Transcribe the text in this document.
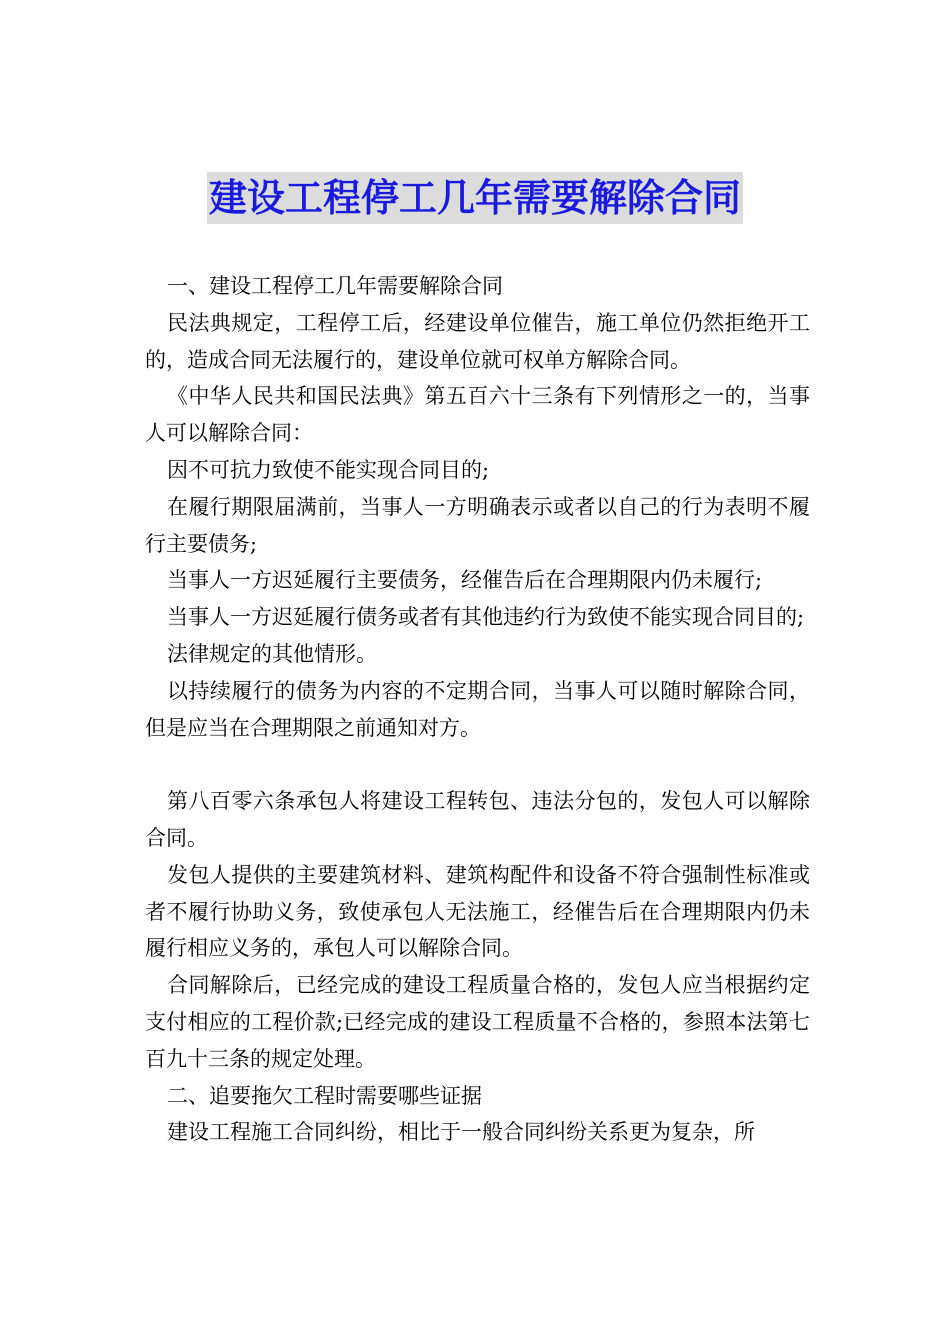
建设工程停工几年需要解除合同

一、建设工程停工几年需要解除合同

民法典规定，工程停工后，经建设单位催告，施工单位仍然拒绝开工的，造成合同无法履行的，建设单位就可权单方解除合同。

《中华人民共和国民法典》第五百六十三条有下列情形之一的，当事人可以解除合同：

因不可抗力致使不能实现合同目的;

在履行期限届满前，当事人一方明确表示或者以自己的行为表明不履行主要债务;

当事人一方迟延履行主要债务，经催告后在合理期限内仍未履行;

当事人一方迟延履行债务或者有其他违约行为致使不能实现合同目的;

法律规定的其他情形。

以持续履行的债务为内容的不定期合同，当事人可以随时解除合同，但是应当在合理期限之前通知对方。

第八百零六条承包人将建设工程转包、违法分包的，发包人可以解除合同。

发包人提供的主要建筑材料、建筑构配件和设备不符合强制性标准或者不履行协助义务，致使承包人无法施工，经催告后在合理期限内仍未履行相应义务的，承包人可以解除合同。

合同解除后，已经完成的建设工程质量合格的，发包人应当根据约定支付相应的工程价款;已经完成的建设工程质量不合格的，参照本法第七百九十三条的规定处理。

二、追要拖欠工程时需要哪些证据

建设工程施工合同纠纷，相比于一般合同纠纷关系更为复杂，所
